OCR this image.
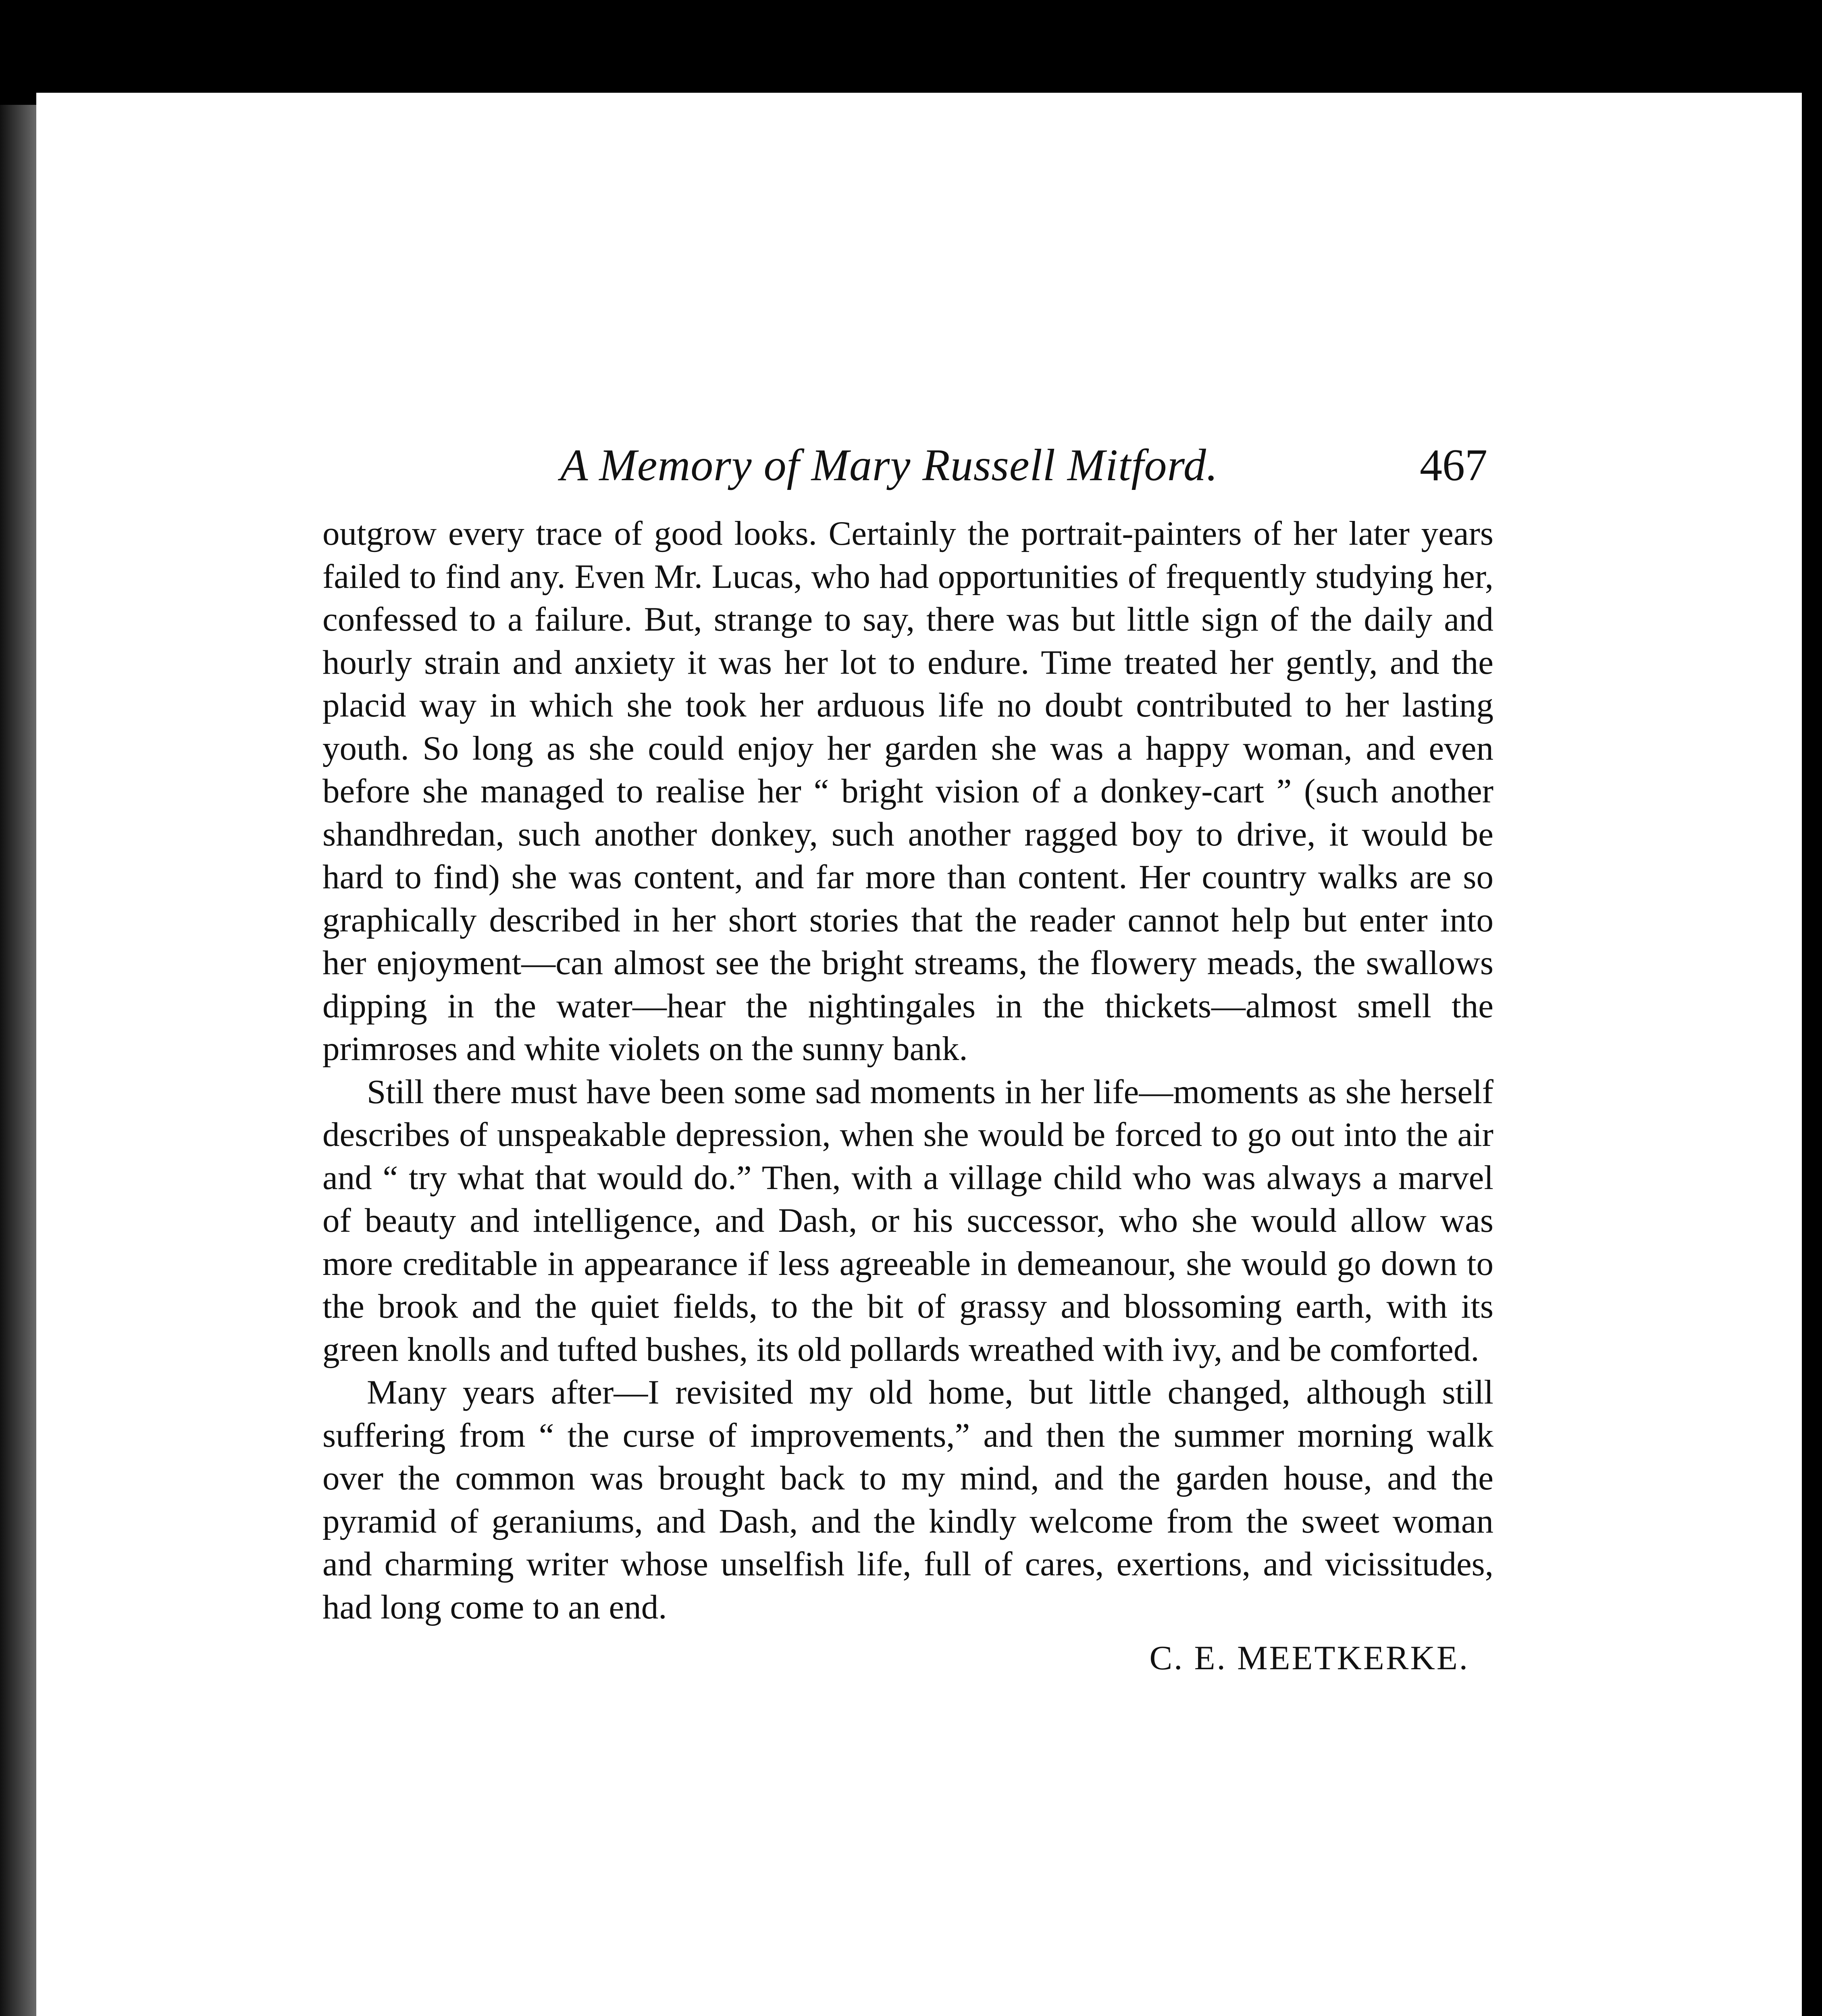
A Memory of Mary Russell Mitford.	467

outgrow every trace of good looks. Certainly the portrait-painters of her later years failed to find any. Even Mr. Lucas, who had opportunities of frequently studying her, confessed to a failure. But, strange to say, there was but little sign of the daily and hourly strain and anxiety it was her lot to endure. Time treated her gently, and the placid way in which she took her arduous life no doubt contributed to her lasting youth. So long as she could enjoy her garden she was a happy woman, and even before she managed to realise her “ bright vision of a donkey-cart ” (such another shandhredan, such another donkey, such another ragged boy to drive, it would be hard to find) she was content, and far more than content. Her country walks are so graphically described in her short stories that the reader cannot help but enter into her enjoyment—can almost see the bright streams, the flowery meads, the swallows dipping in the water—hear the nightingales in the thickets—almost smell the primroses and white violets on the sunny bank.

Still there must have been some sad moments in her life—moments as she herself describes of unspeakable depression, when she would be forced to go out into the air and “ try what that would do.” Then, with a village child who was always a marvel of beauty and intelligence, and Dash, or his successor, who she would allow was more creditable in appearance if less agreeable in demeanour, she would go down to the brook and the quiet fields, to the bit of grassy and blossoming earth, with its green knolls and tufted bushes, its old pollards wreathed with ivy, and be comforted.

Many years after—I revisited my old home, but little changed, although still suffering from “ the curse of improvements,” and then the summer morning walk over the common was brought back to my mind, and the garden house, and the pyramid of geraniums, and Dash, and the kindly welcome from the sweet woman and charming writer whose unselfish life, full of cares, exertions, and vicissitudes, had long come to an end.

C. E. MEETKERKE.
